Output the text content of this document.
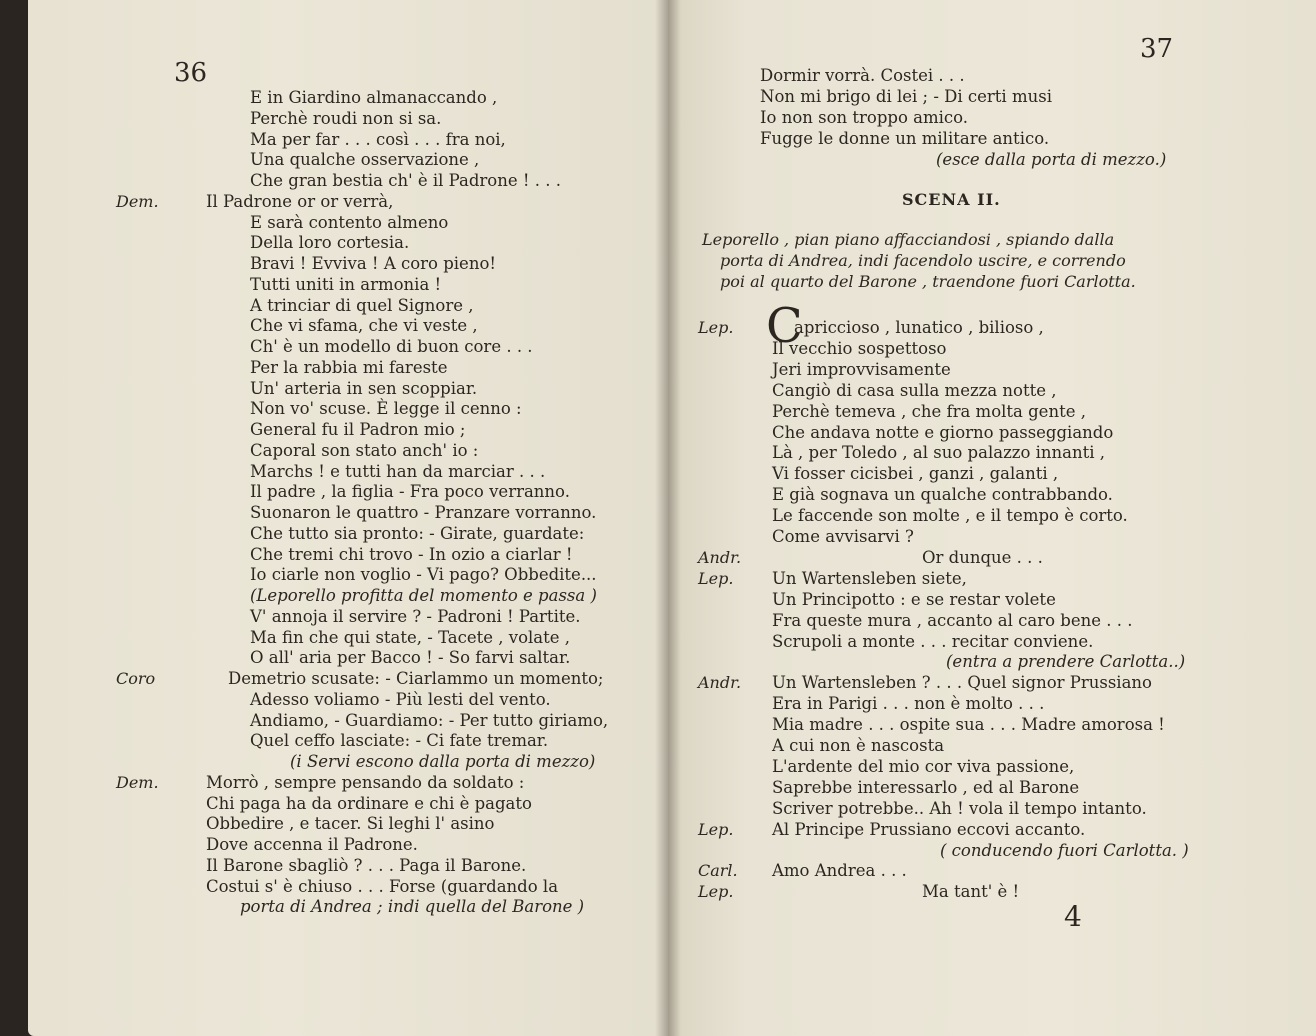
36
E in Giardino almanaccando ,
Perchè roudi non si sa.
Ma per far . . . così . . . fra noi,
Una qualche osservazione ,
Che gran bestia ch' è il Padrone ! . . .
Dem.	Il Padrone or or verrà,
E sarà contento almeno
Della loro cortesia.
Bravi ! Evviva ! A coro pieno!
Tutti uniti in armonia !
A trinciar di quel Signore ,
Che vi sfama, che vi veste ,
Ch' è un modello di buon core . . .
Per la rabbia mi fareste
Un' arteria in sen scoppiar.
Non vo' scuse. È legge il cenno :
General fu il Padron mio ;
Caporal son stato anch' io :
Marchs ! e tutti han da marciar . . .
Il padre , la figlia - Fra poco verranno.
Suonaron le quattro - Pranzare vorranno.
Che tutto sia pronto: - Girate, guardate:
Che tremi chi trovo - In ozio a ciarlar !
Io ciarle non voglio - Vi pago? Obbedite...
(Leporello profitta del momento e passa )
V' annoja il servire ? - Padroni ! Partite.
Ma fin che qui state, - Tacete , volate ,
O all' aria per Bacco ! - So farvi saltar.
Coro	Demetrio scusate: - Ciarlammo un momento;
Adesso voliamo - Più lesti del vento.
Andiamo, - Guardiamo: - Per tutto giriamo,
Quel ceffo lasciate: - Ci fate tremar.
(i Servi escono dalla porta di mezzo)
Dem.	Morrò , sempre pensando da soldato :
Chi paga ha da ordinare e chi è pagato
Obbedire , e tacer. Si leghi l' asino
Dove accenna il Padrone.
Il Barone sbagliò ? . . . Paga il Barone.
Costui s' è chiuso . . . Forse (guardando la
porta di Andrea ; indi quella del Barone )
37
Dormir vorrà. Costei . . .
Non mi brigo di lei ; - Di certi musi
Io non son troppo amico.
Fugge le donne un militare antico.
(esce dalla porta di mezzo.)
SCENA II.
Leporello , pian piano affacciandosi , spiando dalla
porta di Andrea, indi facendolo uscire, e correndo
poi al quarto del Barone , traendone fuori Carlotta.
C
Lep.	apriccioso , lunatico , bilioso ,
Il vecchio sospettoso
Jeri improvvisamente
Cangiò di casa sulla mezza notte ,
Perchè temeva , che fra molta gente ,
Che andava notte e giorno passeggiando
Là , per Toledo , al suo palazzo innanti ,
Vi fosser cicisbei , ganzi , galanti ,
E già sognava un qualche contrabbando.
Le faccende son molte , e il tempo è corto.
Come avvisarvi ?
Andr.	Or dunque . . .
Lep. Un Wartensleben siete,
Un Principotto : e se restar volete
Fra queste mura , accanto al caro bene . . .
Scrupoli a monte . . . recitar conviene.
(entra a prendere Carlotta..)
Andr. Un Wartensleben ? . . . Quel signor Prussiano
Era in Parigi . . . non è molto . . .
Mia madre . . . ospite sua . . . Madre amorosa !
A cui non è nascosta
L'ardente del mio cor viva passione,
Saprebbe interessarlo , ed al Barone
Scriver potrebbe.. Ah ! vola il tempo intanto.
Lep. Al Principe Prussiano eccovi accanto.
( conducendo fuori Carlotta. )
Carl. Amo Andrea . . .
Lep.	Ma tant' è !
4
